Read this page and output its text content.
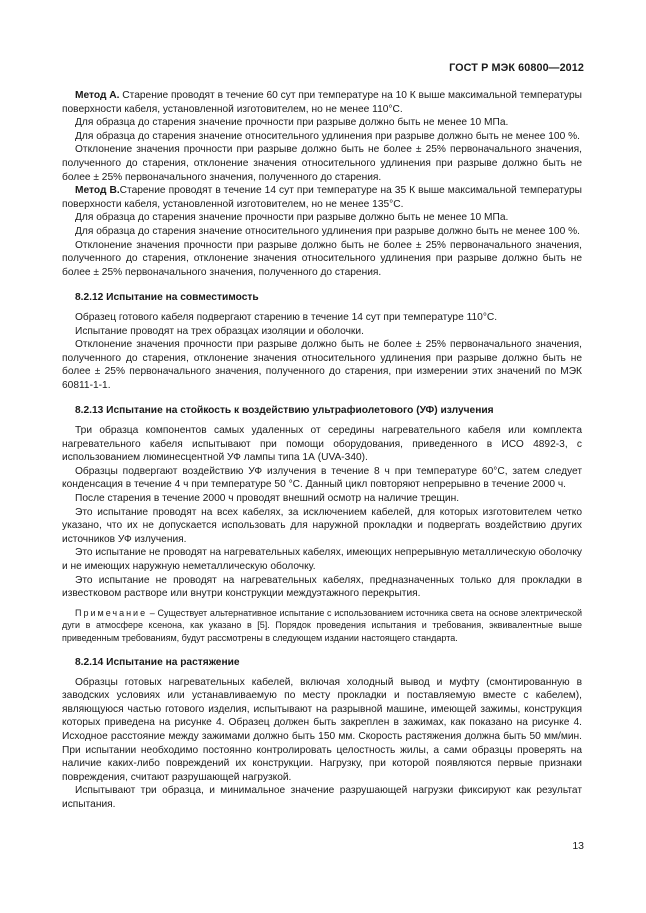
ГОСТ Р МЭК 60800—2012

Метод А. Старение проводят в течение 60 сут при температуре на 10 К выше максимальной температуры поверхности кабеля, установленной изготовителем, но не менее 110°С.

Для образца до старения значение прочности при разрыве должно быть не менее 10 МПа.

Для образца до старения значение относительного удлинения при разрыве должно быть не менее 100 %.

Отклонение значения прочности при разрыве должно быть не более ± 25% первоначального значения, полученного до старения, отклонение значения относительного удлинения при разрыве должно быть не более ± 25% первоначального значения, полученного до старения.

Метод В.Старение проводят в течение 14 сут при температуре на 35 К выше максимальной температуры поверхности кабеля, установленной изготовителем, но не менее 135°С.

Для образца до старения значение прочности при разрыве должно быть не менее 10 МПа.

Для образца до старения значение относительного удлинения при разрыве должно быть не менее 100 %.

Отклонение значения прочности при разрыве должно быть не более ± 25% первоначального значения, полученного до старения, отклонение значения относительного удлинения при разрыве должно быть не более ± 25% первоначального значения, полученного до старения.

8.2.12 Испытание на совместимость

Образец готового кабеля подвергают старению в течение 14 сут при температуре 110°С.

Испытание проводят на трех образцах изоляции и оболочки.

Отклонение значения прочности при разрыве должно быть не более ± 25% первоначального значения, полученного до старения, отклонение значения относительного удлинения при разрыве должно быть не более ± 25% первоначального значения, полученного до старения, при измерении этих значений по МЭК 60811-1-1.

8.2.13 Испытание на стойкость к воздействию ультрафиолетового (УФ) излучения

Три образца компонентов самых удаленных от середины нагревательного кабеля или комплекта нагревательного кабеля испытывают при помощи оборудования, приведенного в ИСО 4892-3, с использованием люминесцентной УФ лампы типа 1А (UVA-340).

Образцы подвергают воздействию УФ излучения в течение 8 ч при температуре 60°С, затем следует конденсация в течение 4 ч при температуре 50 °С. Данный цикл повторяют непрерывно в течение 2000 ч.

После старения в течение 2000 ч проводят внешний осмотр на наличие трещин.

Это испытание проводят на всех кабелях, за исключением кабелей, для которых изготовителем четко указано, что их не допускается использовать для наружной прокладки и подвергать воздействию других источников УФ излучения.

Это испытание не проводят на нагревательных кабелях, имеющих непрерывную металлическую оболочку и не имеющих наружную неметаллическую оболочку.

Это испытание не проводят на нагревательных кабелях, предназначенных только для прокладки в известковом растворе или внутри конструкции междуэтажного перекрытия.

Примечание – Существует альтернативное испытание с использованием источника света на основе электрической дуги в атмосфере ксенона, как указано в [5]. Порядок проведения испытания и требования, эквивалентные выше приведенным требованиям, будут рассмотрены в следующем издании настоящего стандарта.

8.2.14 Испытание на растяжение

Образцы готовых нагревательных кабелей, включая холодный вывод и муфту (смонтированную в заводских условиях или устанавливаемую по месту прокладки и поставляемую вместе с кабелем), являющуюся частью готового изделия, испытывают на разрывной машине, имеющей зажимы, конструкция которых приведена на рисунке 4. Образец должен быть закреплен в зажимах, как показано на рисунке 4. Исходное расстояние между зажимами должно быть 150 мм. Скорость растяжения должна быть 50 мм/мин. При испытании необходимо постоянно контролировать целостность жилы, а сами образцы проверять на наличие каких-либо повреждений их конструкции. Нагрузку, при которой появляются первые признаки повреждения, считают разрушающей нагрузкой.

Испытывают три образца, и минимальное значение разрушающей нагрузки фиксируют как результат испытания.

13
